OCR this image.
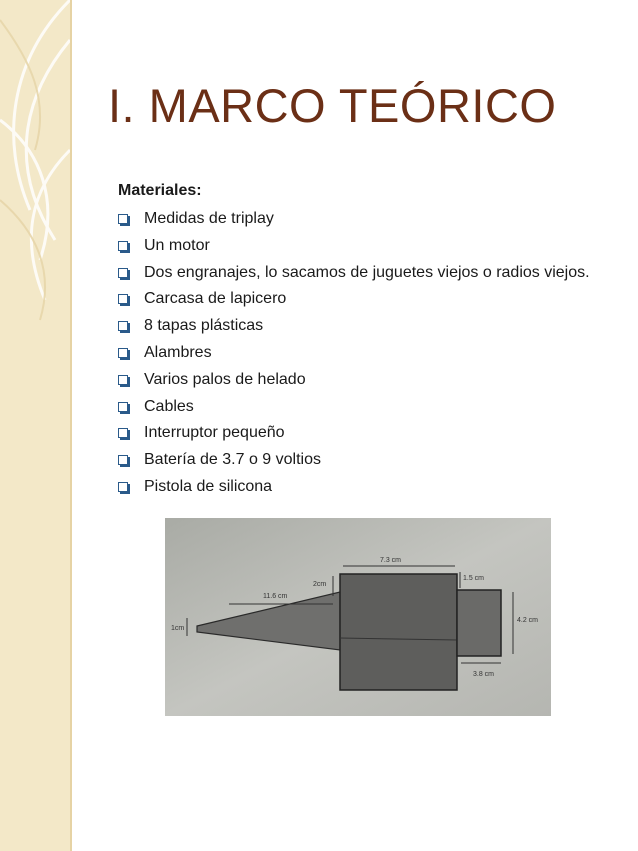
I. MARCO TEÓRICO
Materiales:
Medidas de triplay
Un motor
Dos engranajes, lo sacamos de juguetes viejos o radios viejos.
Carcasa de lapicero
8 tapas plásticas
Alambres
Varios palos de helado
Cables
Interruptor pequeño
Batería de 3.7 o 9 voltios
Pistola de silicona
7.3 cm
11.6 cm
2cm
1cm
1.5 cm
4.2 cm
3.8 cm
